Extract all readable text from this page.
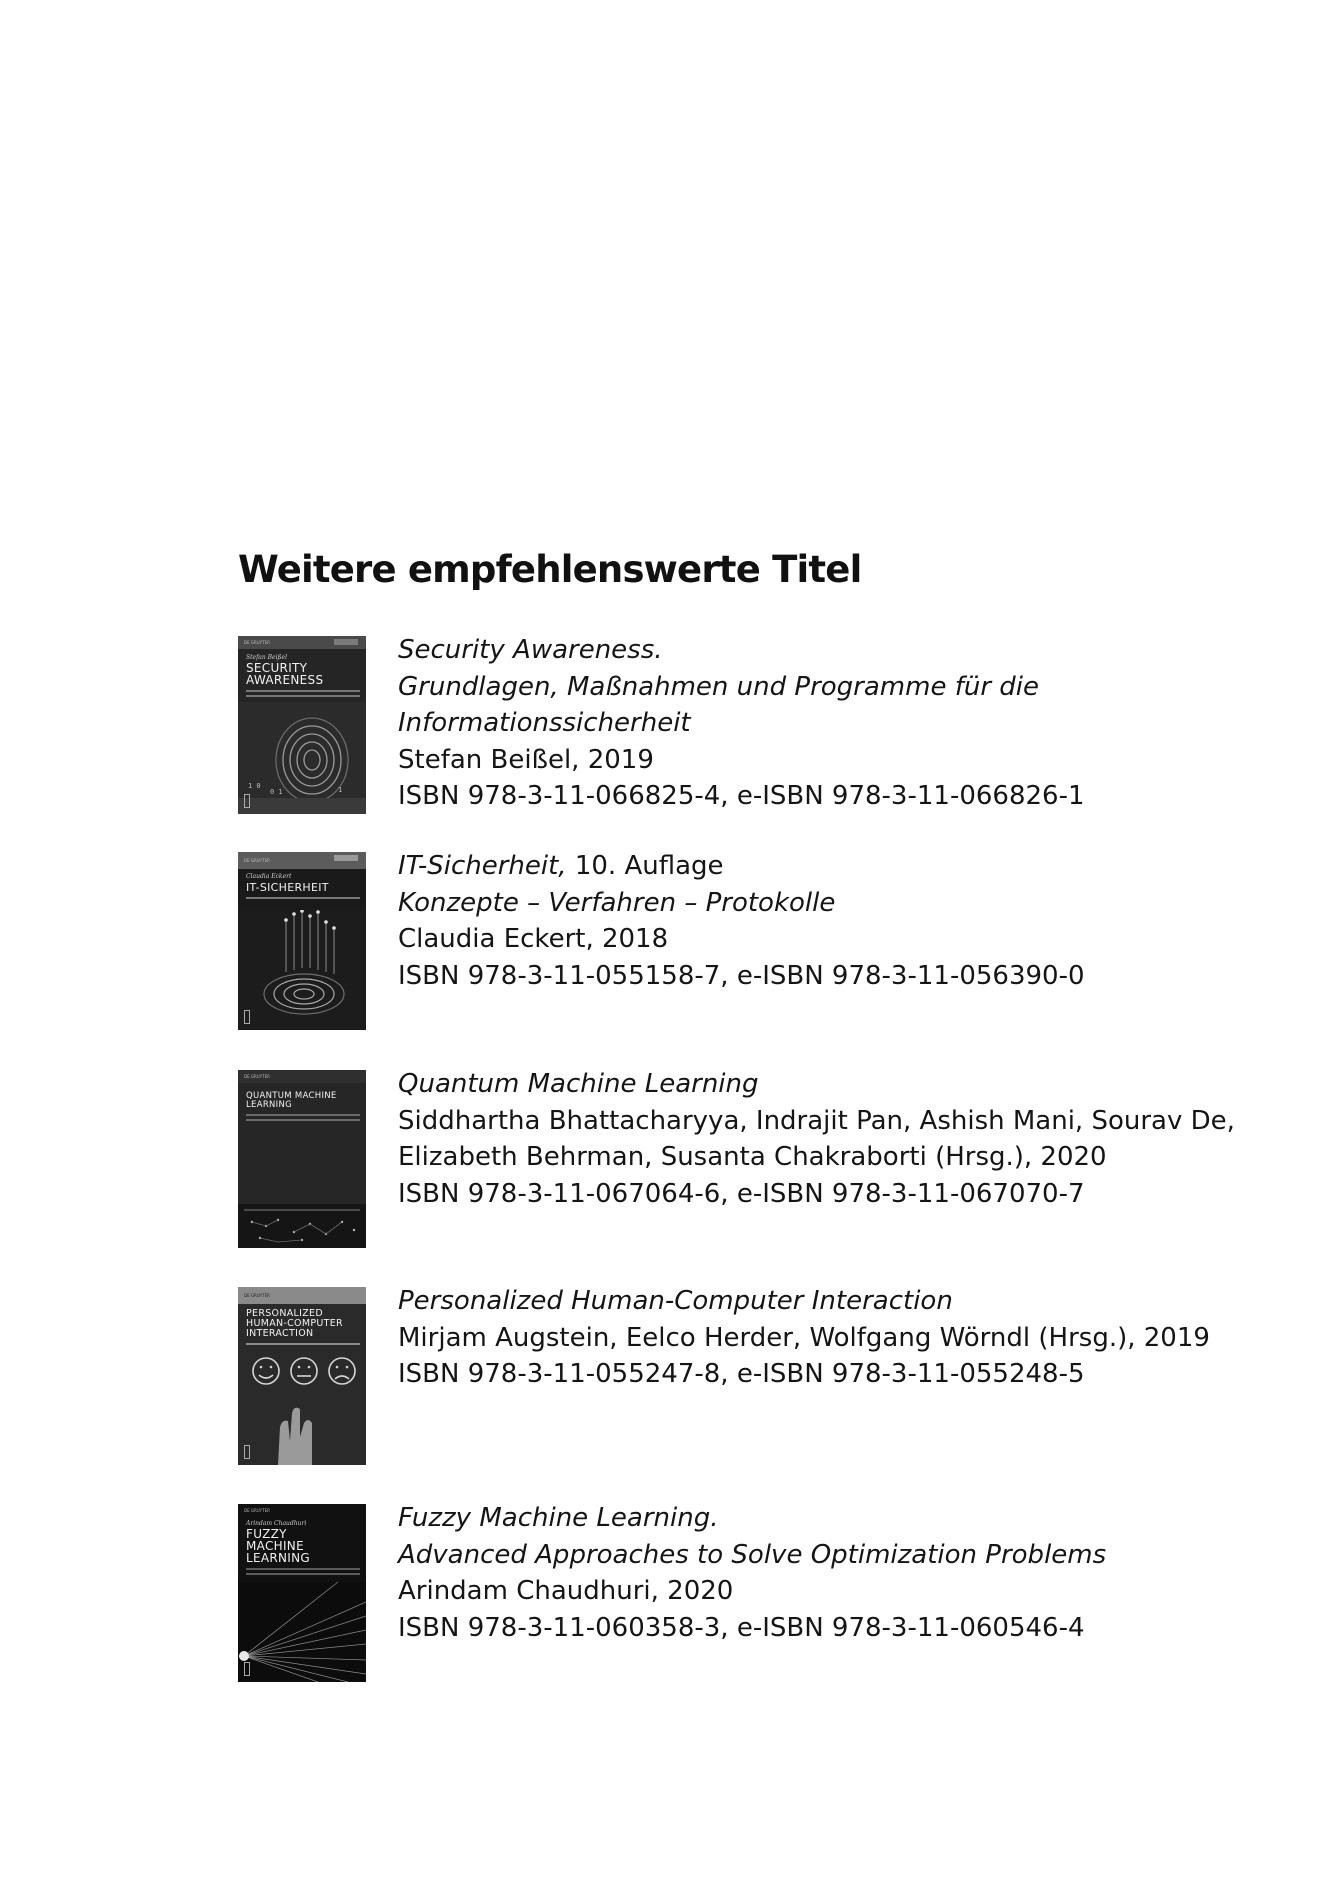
Weitere empfehlenswerte Titel
DE GRUYTER
Stefan Beißel
SECURITY AWARENESS
1 0
0 1	1
Security Awareness.
Grundlagen, Maßnahmen und Programme für die
Informationssicherheit
Stefan Beißel, 2019
ISBN 978-3-11-066825-4, e-ISBN 978-3-11-066826-1
DE GRUYTER
Claudia Eckert
IT-SICHERHEIT
IT-Sicherheit, 10. Auflage
Konzepte – Verfahren – Protokolle
Claudia Eckert, 2018
ISBN 978-3-11-055158-7, e-ISBN 978-3-11-056390-0
DE GRUYTER
QUANTUM MACHINE LEARNING
Quantum Machine Learning
Siddhartha Bhattacharyya, Indrajit Pan, Ashish Mani, Sourav De,
Elizabeth Behrman, Susanta Chakraborti (Hrsg.), 2020
ISBN 978-3-11-067064-6, e-ISBN 978-3-11-067070-7
DE GRUYTER
PERSONALIZED HUMAN-COMPUTER INTERACTION
Personalized Human-Computer Interaction
Mirjam Augstein, Eelco Herder, Wolfgang Wörndl (Hrsg.), 2019
ISBN 978-3-11-055247-8, e-ISBN 978-3-11-055248-5
DE GRUYTER
Arindam Chaudhuri
FUZZY MACHINE LEARNING
Fuzzy Machine Learning.
Advanced Approaches to Solve Optimization Problems
Arindam Chaudhuri, 2020
ISBN 978-3-11-060358-3, e-ISBN 978-3-11-060546-4
